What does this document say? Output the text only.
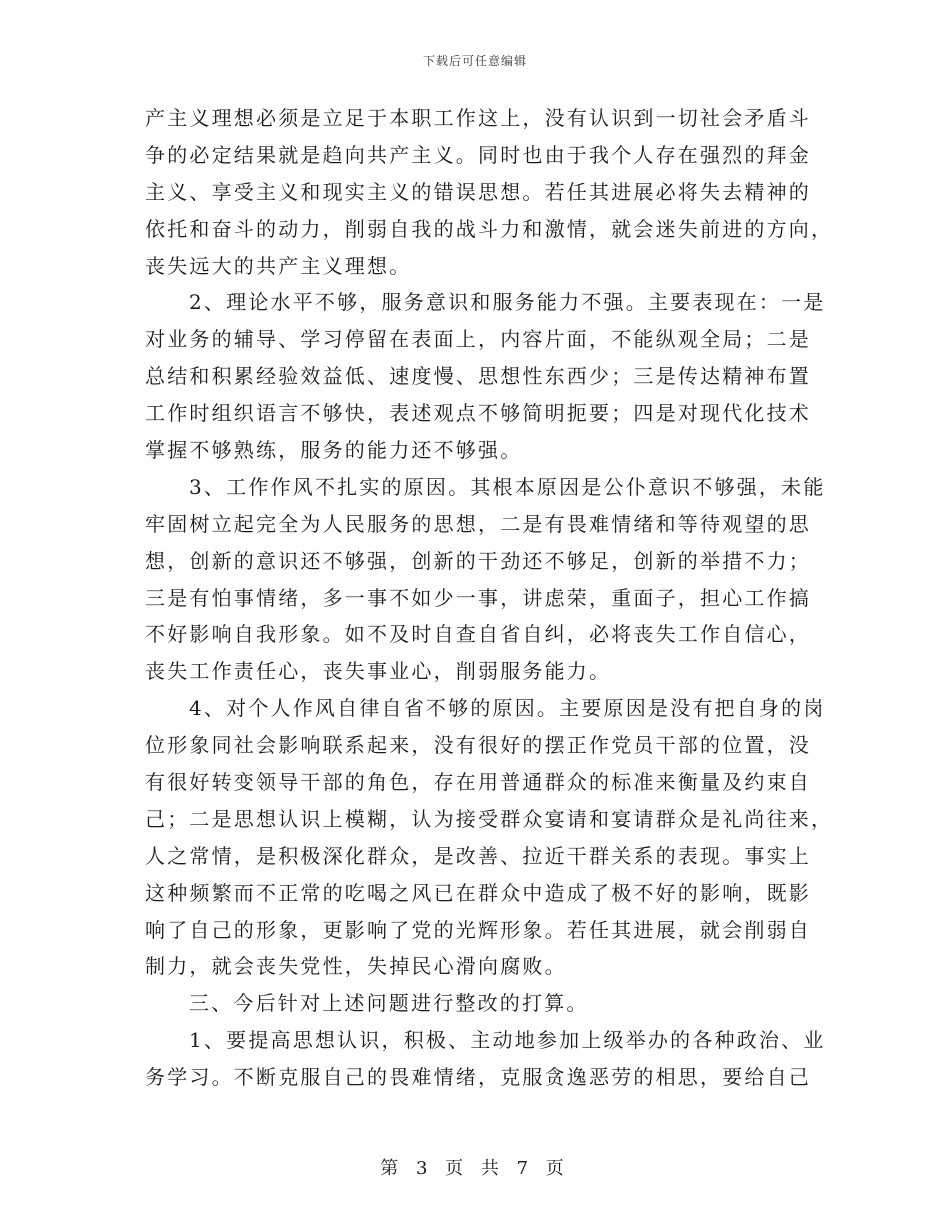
下载后可任意编辑
产主义理想必须是立足于本职工作这上，没有认识到一切社会矛盾斗
争的必定结果就是趋向共产主义。同时也由于我个人存在强烈的拜金
主义、享受主义和现实主义的错误思想。若任其进展必将失去精神的
依托和奋斗的动力，削弱自我的战斗力和激情，就会迷失前进的方向，
丧失远大的共产主义理想。
2、理论水平不够，服务意识和服务能力不强。主要表现在：一是
对业务的辅导、学习停留在表面上，内容片面，不能纵观全局；二是
总结和积累经验效益低、速度慢、思想性东西少；三是传达精神布置
工作时组织语言不够快，表述观点不够简明扼要；四是对现代化技术
掌握不够熟练，服务的能力还不够强。
3、工作作风不扎实的原因。其根本原因是公仆意识不够强，未能
牢固树立起完全为人民服务的思想，二是有畏难情绪和等待观望的思
想，创新的意识还不够强，创新的干劲还不够足，创新的举措不力；
三是有怕事情绪，多一事不如少一事，讲虑荣，重面子，担心工作搞
不好影响自我形象。如不及时自查自省自纠，必将丧失工作自信心，
丧失工作责任心，丧失事业心，削弱服务能力。
4、对个人作风自律自省不够的原因。主要原因是没有把自身的岗
位形象同社会影响联系起来，没有很好的摆正作党员干部的位置，没
有很好转变领导干部的角色，存在用普通群众的标准来衡量及约束自
己；二是思想认识上模糊，认为接受群众宴请和宴请群众是礼尚往来，
人之常情，是积极深化群众，是改善、拉近干群关系的表现。事实上
这种频繁而不正常的吃喝之风已在群众中造成了极不好的影响，既影
响了自己的形象，更影响了党的光辉形象。若任其进展，就会削弱自
制力，就会丧失党性，失掉民心滑向腐败。
三、今后针对上述问题进行整改的打算。
1、要提高思想认识，积极、主动地参加上级举办的各种政治、业
务学习。不断克服自己的畏难情绪，克服贪逸恶劳的相思，要给自己
第 3 页 共 7 页
